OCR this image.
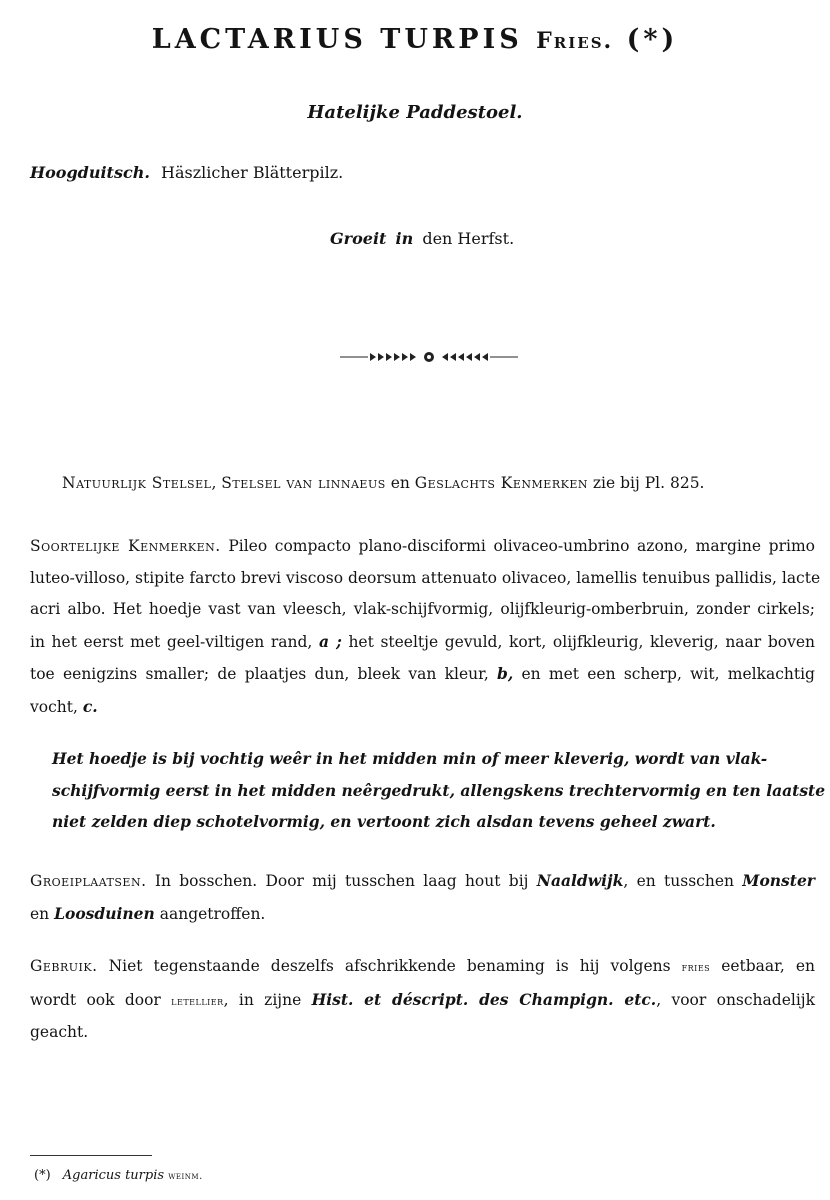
LACTARIUS TURPIS Fries. (*)
Hatelijke Paddestoel.
Hoogduitsch. Häszlicher Blätterpilz.
Groeit in den Herfst.
Natuurlijk Stelsel, Stelsel van linnaeus en Geslachts Kenmerken zie bij Pl. 825.
Soortelijke Kenmerken. Pileo compacto plano-disciformi olivaceo-umbrino azono, margine primo
luteo-villoso, stipite farcto brevi viscoso deorsum attenuato olivaceo, lamellis tenuibus pallidis, lacte
acri albo. Het hoedje vast van vleesch, vlak-schijfvormig, olijfkleurig-omberbruin, zonder cirkels;
in het eerst met geel-viltigen rand, a ; het steeltje gevuld, kort, olijfkleurig, kleverig, naar boven
toe eenigzins smaller; de plaatjes dun, bleek van kleur, b, en met een scherp, wit, melkachtig
vocht, c.
Het hoedje is bij vochtig weêr in het midden min of meer kleverig, wordt van vlak-
schijfvormig eerst in het midden neêrgedrukt, allengskens trechtervormig en ten laatste
niet zelden diep schotelvormig, en vertoont zich alsdan tevens geheel zwart.
Groeiplaatsen. In bosschen. Door mij tusschen laag hout bij Naaldwijk, en tusschen Monster
en Loosduinen aangetroffen.
Gebruik. Niet tegenstaande deszelfs afschrikkende benaming is hij volgens fries eetbaar, en
wordt ook door letellier, in zijne Hist. et déscript. des Champign. etc., voor onschadelijk
geacht.
(*) Agaricus turpis weinm.
